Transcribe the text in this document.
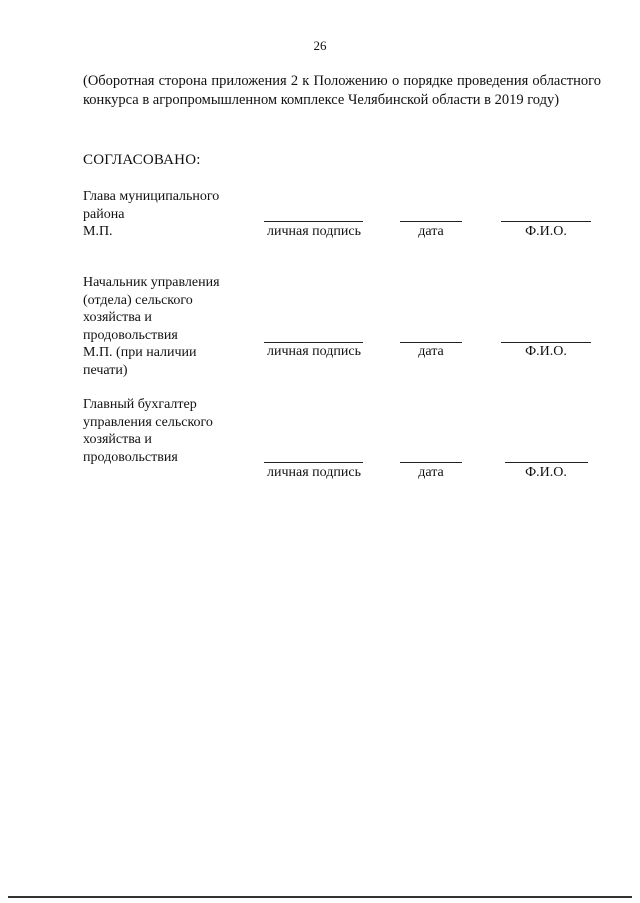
26
(Оборотная сторона приложения 2 к Положению о порядке проведения областного конкурса в агропромышленном комплексе Челябинской области в 2019 году)
СОГЛАСОВАНО:
Глава муниципального
района
М.П.	личная подпись	дата	Ф.И.О.
Начальник управления
(отдела) сельского
хозяйства и
продовольствия
М.П. (при наличии
печати)
личная подпись	дата	Ф.И.О.
Главный бухгалтер
управления сельского
хозяйства и
продовольствия
личная подпись	дата	Ф.И.О.
